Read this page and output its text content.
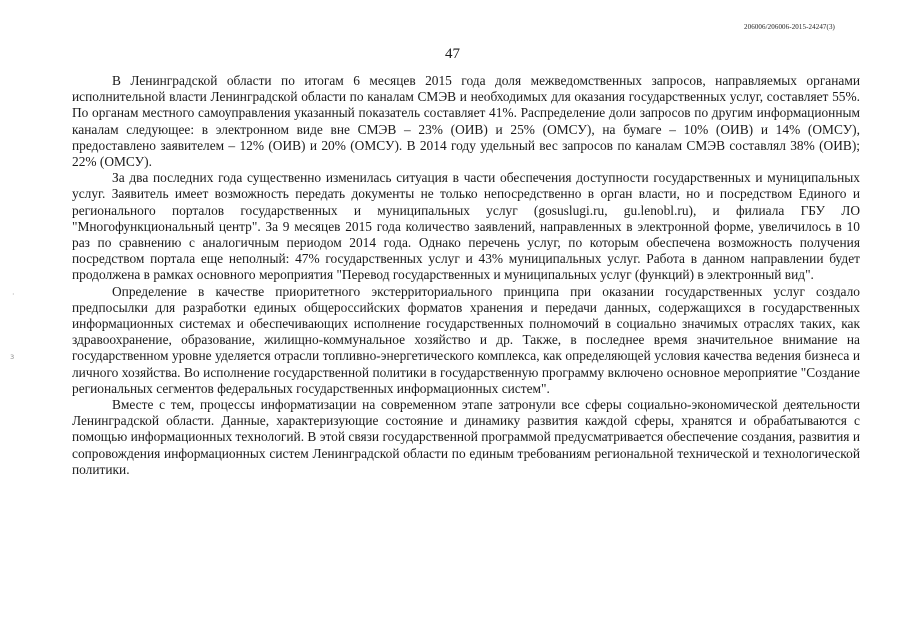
206006/206006-2015-24247(3)
47
·
з

В Ленинградской области по итогам 6 месяцев 2015 года доля межведомственных запросов, направляемых органами исполнительной власти Ленинградской области по каналам СМЭВ и необходимых для оказания государственных услуг, составляет 55%. По органам местного самоуправления указанный показатель составляет 41%. Распределение доли запросов по другим информационным каналам следующее: в электронном виде вне СМЭВ – 23% (ОИВ) и 25% (ОМСУ), на бумаге – 10% (ОИВ) и 14% (ОМСУ), предоставлено заявителем – 12% (ОИВ) и 20% (ОМСУ). В 2014 году удельный вес запросов по каналам СМЭВ составлял 38% (ОИВ); 22% (ОМСУ).

За два последних года существенно изменилась ситуация в части обеспечения доступности государственных и муниципальных услуг. Заявитель имеет возможность передать документы не только непосредственно в орган власти, но и посредством Единого и регионального порталов государственных и муниципальных услуг (gosuslugi.ru, gu.lenobl.ru), и филиала ГБУ ЛО "Многофункциональный центр". За 9 месяцев 2015 года количество заявлений, направленных в электронной форме, увеличилось в 10 раз по сравнению с аналогичным периодом 2014 года. Однако перечень услуг, по которым обеспечена возможность получения посредством портала еще неполный: 47% государственных услуг и 43% муниципальных услуг. Работа в данном направлении будет продолжена в рамках основного мероприятия "Перевод государственных и муниципальных услуг (функций) в электронный вид".

Определение в качестве приоритетного экстерриториального принципа при оказании государственных услуг создало предпосылки для разработки единых общероссийских форматов хранения и передачи данных, содержащихся в государственных информационных системах и обеспечивающих исполнение государственных полномочий в социально значимых отраслях таких, как здравоохранение, образование, жилищно-коммунальное хозяйство и др. Также, в последнее время значительное внимание на государственном уровне уделяется отрасли топливно-энергетического комплекса, как определяющей условия качества ведения бизнеса и личного хозяйства. Во исполнение государственной политики в государственную программу включено основное мероприятие "Создание региональных сегментов федеральных государственных информационных систем".

Вместе с тем, процессы информатизации на современном этапе затронули все сферы социально-экономической деятельности Ленинградской области. Данные, характеризующие состояние и динамику развития каждой сферы, хранятся и обрабатываются с помощью информационных технологий. В этой связи государственной программой предусматривается обеспечение создания, развития и сопровождения информационных систем Ленинградской области по единым требованиям региональной технической и технологической политики.
